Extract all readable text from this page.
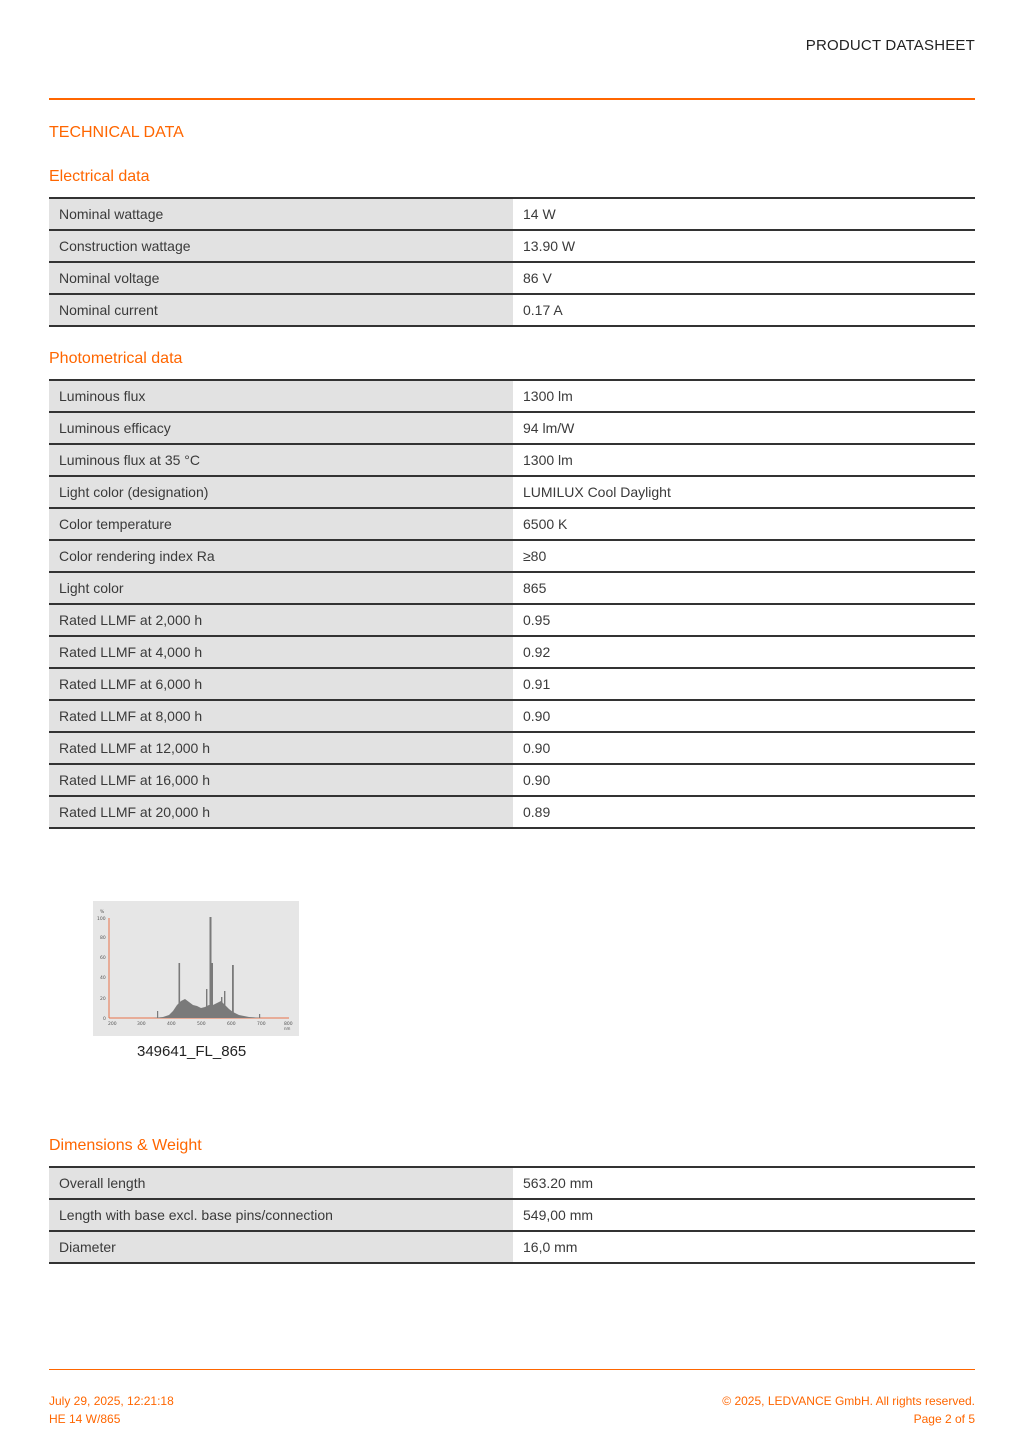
PRODUCT DATASHEET
TECHNICAL DATA
Electrical data
Nominal wattage	14 W
Construction wattage	13.90 W
Nominal voltage	86 V
Nominal current	0.17 A
Photometrical data
Luminous flux	1300 lm
Luminous efficacy	94 lm/W
Luminous flux at 35 °C	1300 lm
Light color (designation)	LUMILUX Cool Daylight
Color temperature	6500 K
Color rendering index Ra	≥80
Light color	865
Rated LLMF at 2,000 h	0.95
Rated LLMF at 4,000 h	0.92
Rated LLMF at 6,000 h	0.91
Rated LLMF at 8,000 h	0.90
Rated LLMF at 12,000 h	0.90
Rated LLMF at 16,000 h	0.90
Rated LLMF at 20,000 h	0.89
%
100
80
60
40
20
0
200	300	400	500	600	700	800
nm
349641_FL_865
Dimensions & Weight
Overall length	563.20 mm
Length with base excl. base pins/connection	549,00 mm
Diameter	16,0 mm
July 29, 2025, 12:21:18
HE 14 W/865
© 2025, LEDVANCE GmbH. All rights reserved.
Page 2 of 5
